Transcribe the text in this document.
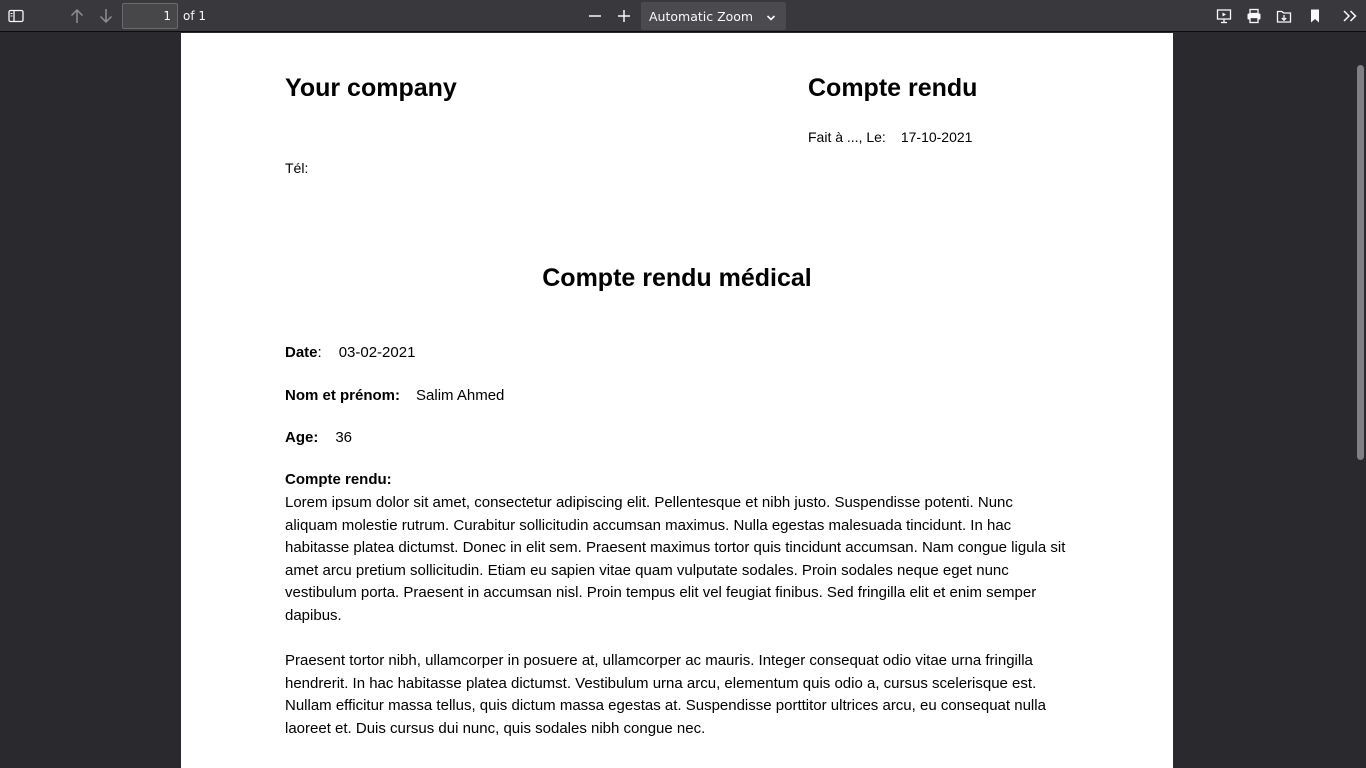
1
of 1	Automatic Zoom
Your company	Compte rendu
Fait à ..., Le: 17-10-2021
Tél:
Compte rendu médical
Date: 03-02-2021
Nom et prénom: Salim Ahmed
Age: 36
Compte rendu:
Lorem ipsum dolor sit amet, consectetur adipiscing elit. Pellentesque et nibh justo. Suspendisse potenti. Nunc aliquam molestie rutrum. Curabitur sollicitudin accumsan maximus. Nulla egestas malesuada tincidunt. In hac habitasse platea dictumst. Donec in elit sem. Praesent maximus tortor quis tincidunt accumsan. Nam congue ligula sit amet arcu pretium sollicitudin. Etiam eu sapien vitae quam vulputate sodales. Proin sodales neque eget nunc vestibulum porta. Praesent in accumsan nisl. Proin tempus elit vel feugiat finibus. Sed fringilla elit et enim semper dapibus.
Praesent tortor nibh, ullamcorper in posuere at, ullamcorper ac mauris. Integer consequat odio vitae urna fringilla hendrerit. In hac habitasse platea dictumst. Vestibulum urna arcu, elementum quis odio a, cursus scelerisque est. Nullam efficitur massa tellus, quis dictum massa egestas at. Suspendisse porttitor ultrices arcu, eu consequat nulla laoreet et. Duis cursus dui nunc, quis sodales nibh congue nec.
